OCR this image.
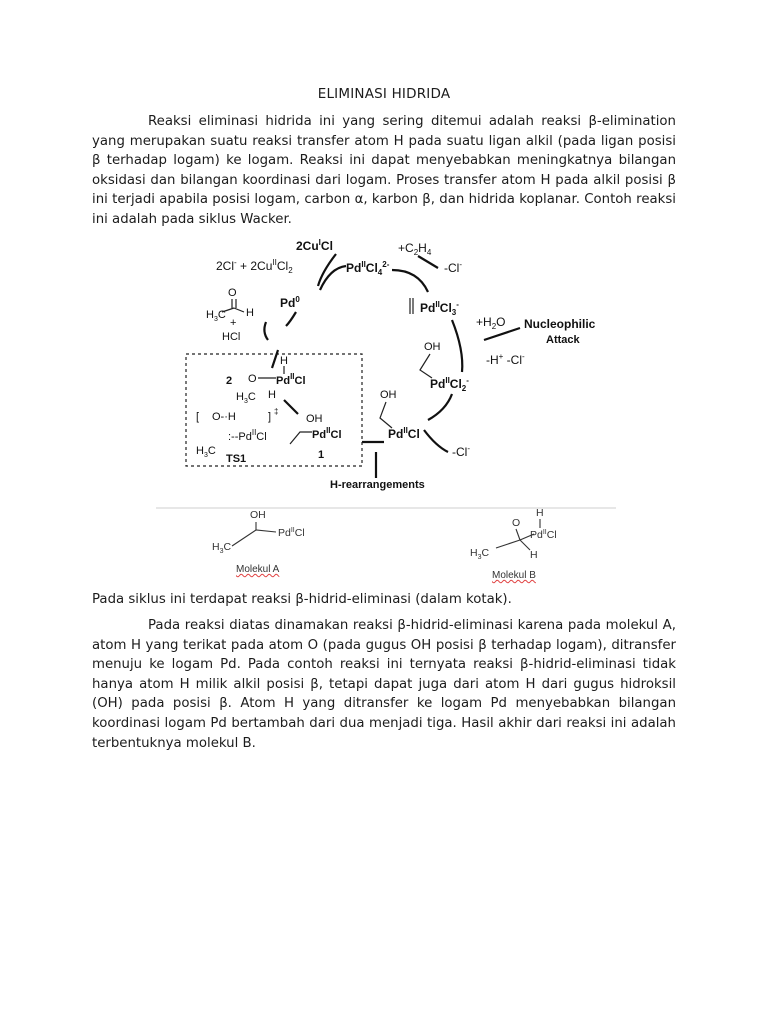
ELIMINASI HIDRIDA

Reaksi eliminasi hidrida ini yang sering ditemui adalah reaksi β-elimination yang merupakan suatu reaksi transfer atom H pada suatu ligan alkil (pada ligan posisi β terhadap logam) ke logam. Reaksi ini dapat menyebabkan meningkatnya bilangan oksidasi dan bilangan koordinasi dari logam. Proses transfer atom H pada alkil posisi β ini terjadi apabila posisi logam, carbon α, karbon β, dan hidrida koplanar. Contoh reaksi ini adalah pada siklus Wacker.

$2Cu^ICl$
$2Cl^- + 2Cu^{II}Cl_2$	$Pd^{II}Cl_4^{2-}$
$+C_2H_4$
-Cl-
Pd$^0$
O
$H_3C$ H
+
HCl
$Pd^{II}Cl_3^-$
$+H_2O$ Nucleophilic
Attack
-H+ -Cl-
OH
$Pd^{II}Cl_2^-$
-Cl-
OH
$Pd^{II}Cl$
H-rearrangements
2
H
$Pd^{II}Cl$
O
$H_3C$ H
[ O-·H
$:--Pd^{II}Cl$
$H_3C$
] ‡
TS1
OH
$Pd^{II}Cl$
1
OH
$Pd^{II}Cl$
$H_3C$
H
O
$Pd^{II}Cl$
H
$H_3C$
Molekul A
Molekul B

Pada siklus ini terdapat reaksi β-hidrid-eliminasi (dalam kotak).

Pada reaksi diatas dinamakan reaksi β-hidrid-eliminasi karena pada molekul A, atom H yang terikat pada atom O (pada gugus OH posisi β terhadap logam), ditransfer menuju ke logam Pd. Pada contoh reaksi ini ternyata reaksi β-hidrid-eliminasi tidak hanya atom H milik alkil posisi β, tetapi dapat juga dari atom H dari gugus hidroksil (OH) pada posisi β. Atom H yang ditransfer ke logam Pd menyebabkan bilangan koordinasi logam Pd bertambah dari dua menjadi tiga. Hasil akhir dari reaksi ini adalah terbentuknya molekul B.
